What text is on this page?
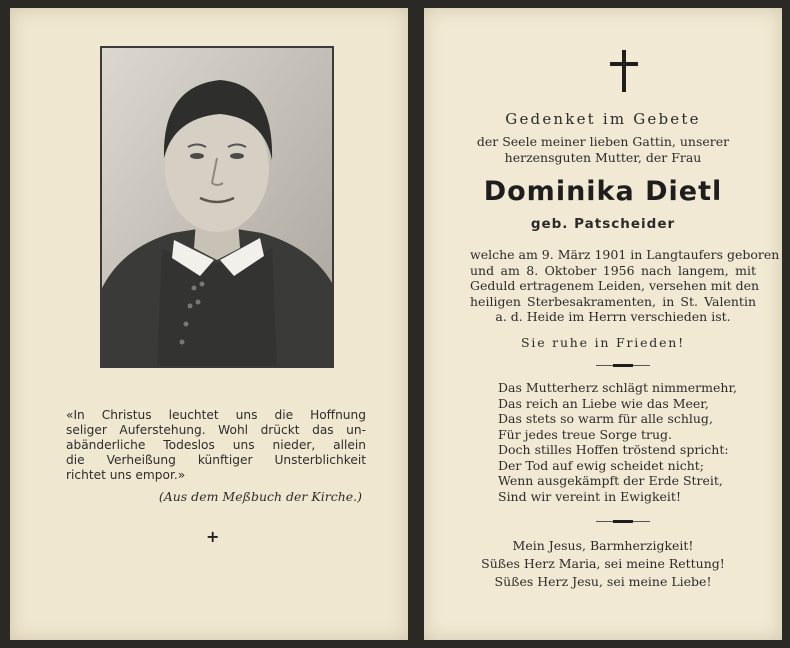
«In Christus leuchtet uns die Hoffnung
seliger Auferstehung. Wohl drückt das un-
abänderliche Todeslos uns nieder, allein
die Verheißung künftiger Unsterblichkeit
richtet uns empor.»
(Aus dem Meßbuch der Kirche.)
+
Gedenket im Gebete
der Seele meiner lieben Gattin, unserer
herzensguten Mutter, der Frau
Dominika Dietl
geb. Patscheider
welche am 9. März 1901 in Langtaufers geboren
und am 8. Oktober 1956 nach langem, mit
Geduld ertragenem Leiden, versehen mit den
heiligen Sterbesakramenten, in St. Valentin
a. d. Heide im Herrn verschieden ist.
Sie ruhe in Frieden!
Das Mutterherz schlägt nimmermehr,
Das reich an Liebe wie das Meer,
Das stets so warm für alle schlug,
Für jedes treue Sorge trug.
Doch stilles Hoffen tröstend spricht:
Der Tod auf ewig scheidet nicht;
Wenn ausgekämpft der Erde Streit,
Sind wir vereint in Ewigkeit!
Mein Jesus, Barmherzigkeit!
Süßes Herz Maria, sei meine Rettung!
Süßes Herz Jesu, sei meine Liebe!
